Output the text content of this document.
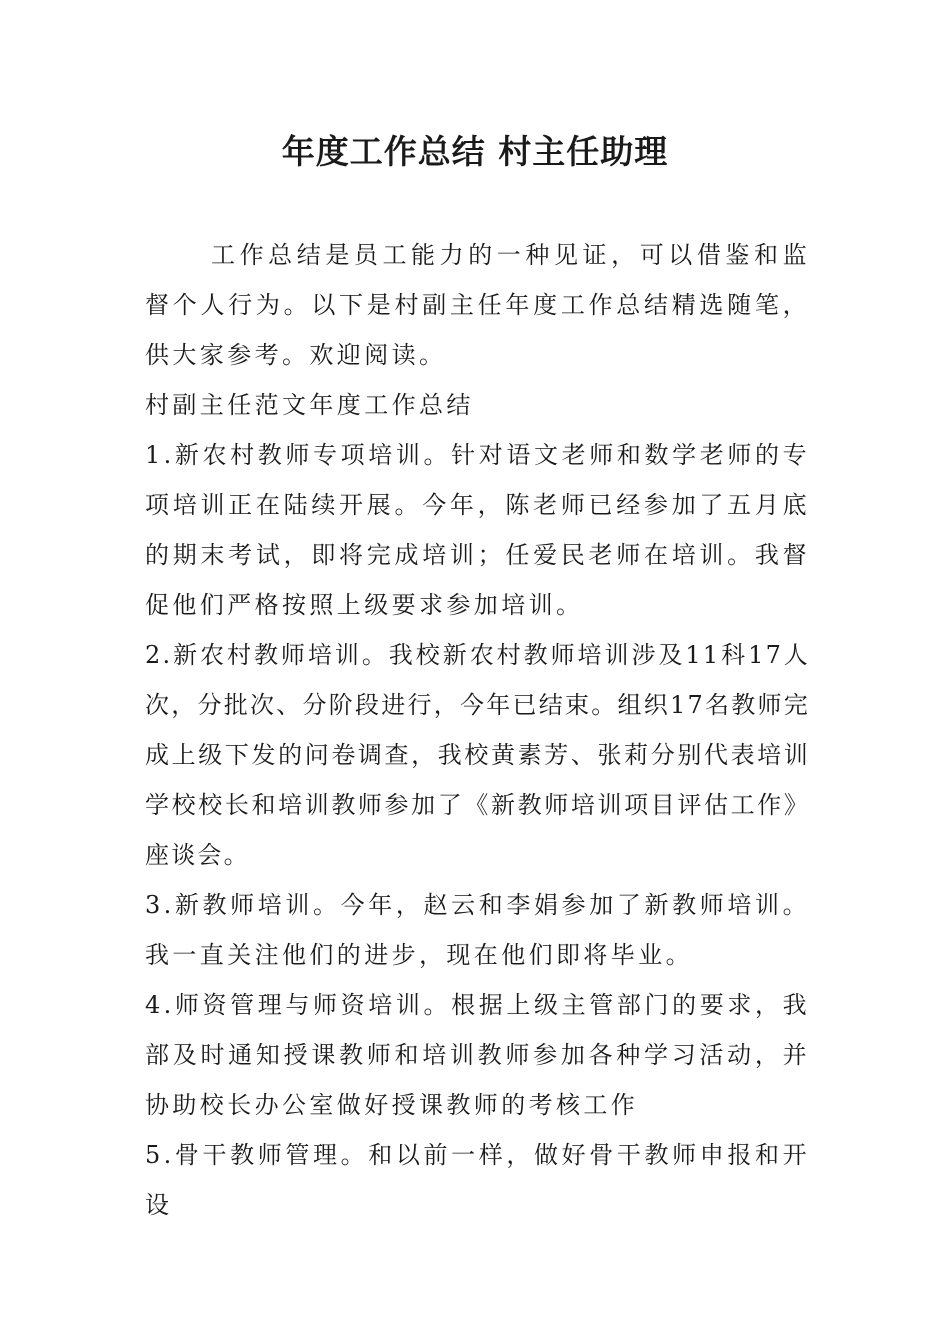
年度工作总结 村主任助理

工作总结是员工能力的一种见证，可以借鉴和监督个人行为。以下是村副主任年度工作总结精选随笔，供大家参考。欢迎阅读。

村副主任范文年度工作总结

1.新农村教师专项培训。针对语文老师和数学老师的专项培训正在陆续开展。今年，陈老师已经参加了五月底的期末考试，即将完成培训；任爱民老师在培训。我督促他们严格按照上级要求参加培训。

2.新农村教师培训。我校新农村教师培训涉及11科17人次，分批次、分阶段进行，今年已结束。组织17名教师完成上级下发的问卷调查，我校黄素芳、张莉分别代表培训学校校长和培训教师参加了《新教师培训项目评估工作》座谈会。

3.新教师培训。今年，赵云和李娟参加了新教师培训。我一直关注他们的进步，现在他们即将毕业。

4.师资管理与师资培训。根据上级主管部门的要求，我部及时通知授课教师和培训教师参加各种学习活动，并协助校长办公室做好授课教师的考核工作

5.骨干教师管理。和以前一样，做好骨干教师申报和开设
